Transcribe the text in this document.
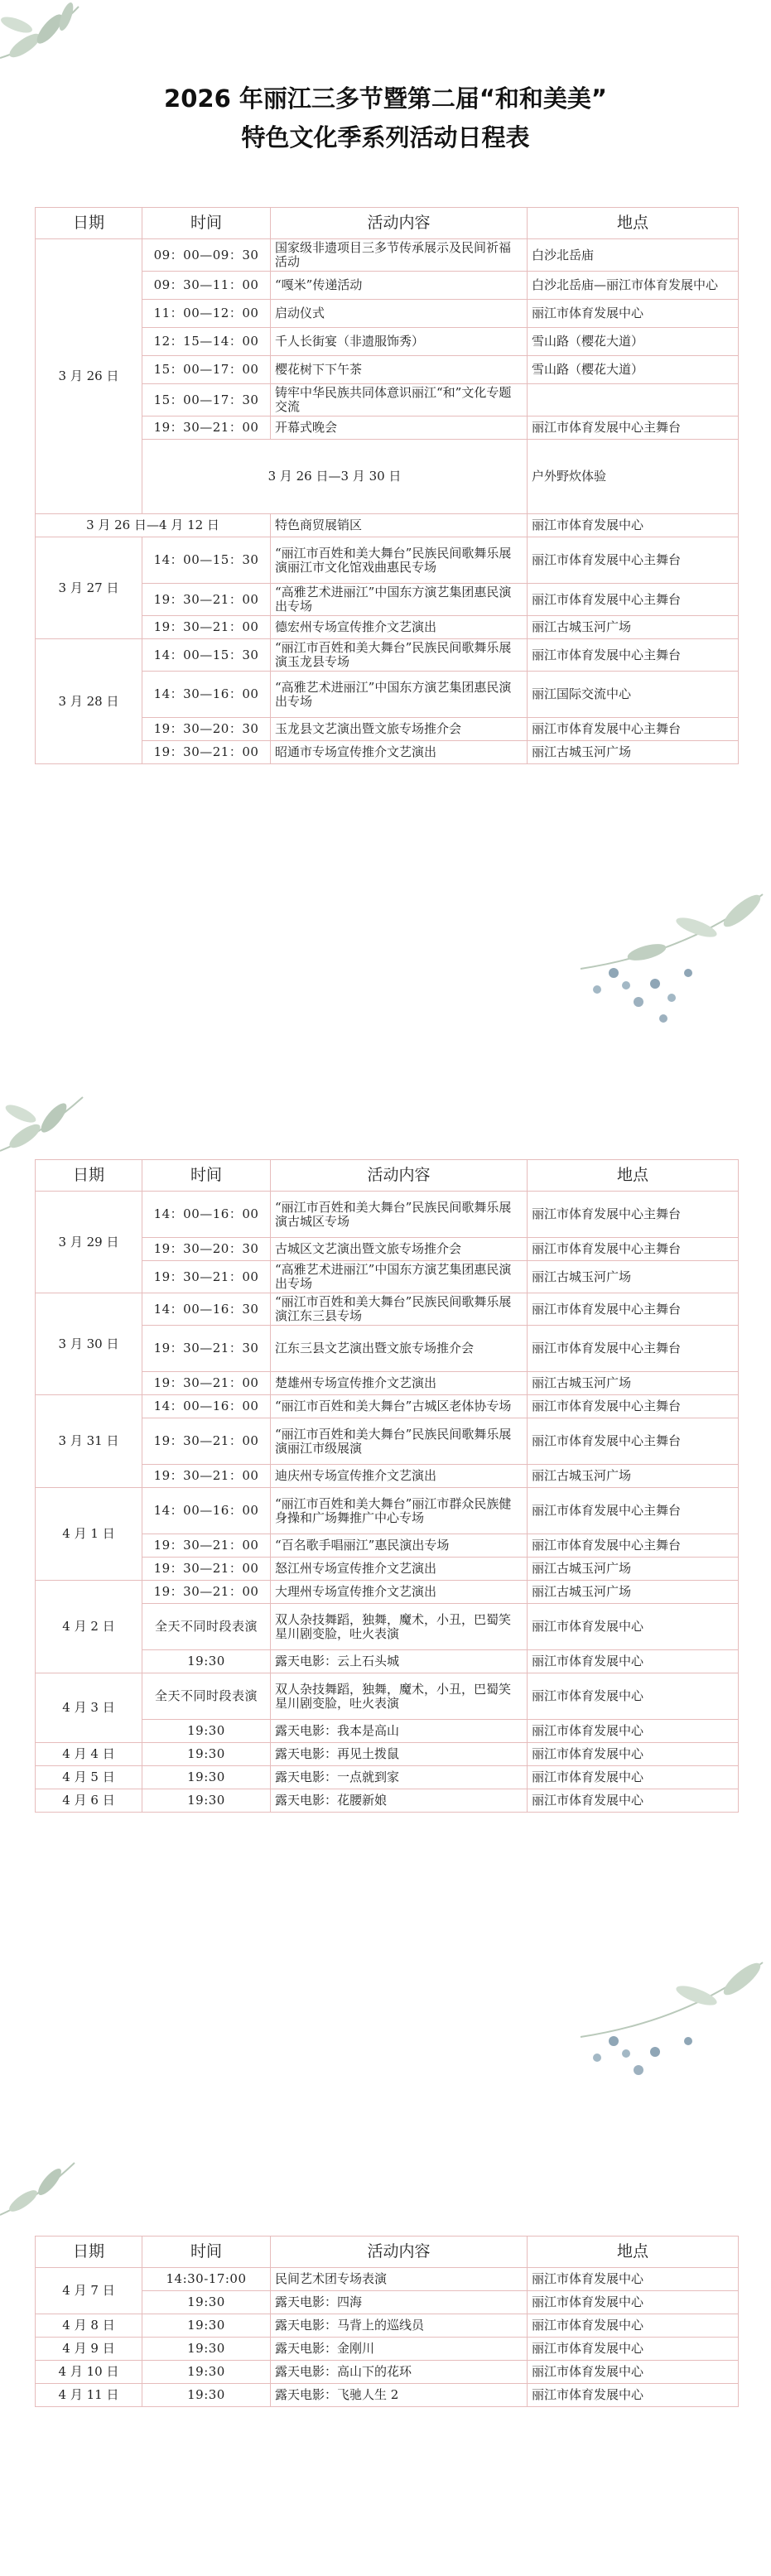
2026 年丽江三多节暨第二届“和和美美”
特色文化季系列活动日程表
日期	时间	活动内容	地点	
3 月 26 日	09：00—09：30	国家级非遗项目三多节传承展示及民间祈福活动	白沙北岳庙	
	09：30—11：00	“嘎米”传递活动	白沙北岳庙—丽江市体育发展中心	
	11：00—12：00	启动仪式	丽江市体育发展中心	
	12：15—14：00	千人长街宴（非遗服饰秀）	雪山路（樱花大道）	
	15：00—17：00	樱花树下下午茶	雪山路（樱花大道）	
	15：00—17：30	铸牢中华民族共同体意识丽江“和”文化专题交流		
	19：30—21：00	开幕式晚会	丽江市体育发展中心主舞台	
	3 月 26 日—3 月 30 日		户外野炊体验	
3 月 26 日—4 月 12 日		特色商贸展销区	丽江市体育发展中心	
3 月 27 日	14：00—15：30	“丽江市百姓和美大舞台”民族民间歌舞乐展演丽江市文化馆戏曲惠民专场	丽江市体育发展中心主舞台	
	19：30—21：00	“高雅艺术进丽江”中国东方演艺集团惠民演出专场	丽江市体育发展中心主舞台	
	19：30—21：00	德宏州专场宣传推介文艺演出	丽江古城玉河广场	
3 月 28 日	14：00—15：30	“丽江市百姓和美大舞台”民族民间歌舞乐展演玉龙县专场	丽江市体育发展中心主舞台	
	14：30—16：00	“高雅艺术进丽江”中国东方演艺集团惠民演出专场	丽江国际交流中心	
	19：30—20：30	玉龙县文艺演出暨文旅专场推介会	丽江市体育发展中心主舞台	
	19：30—21：00	昭通市专场宣传推介文艺演出	丽江古城玉河广场	
日期	时间	活动内容	地点
3 月 29 日	14：00—16：00	“丽江市百姓和美大舞台”民族民间歌舞乐展演古城区专场	丽江市体育发展中心主舞台
	19：30—20：30	古城区文艺演出暨文旅专场推介会	丽江市体育发展中心主舞台
	19：30—21：00	“高雅艺术进丽江”中国东方演艺集团惠民演出专场	丽江古城玉河广场
3 月 30 日	14：00—16：30	“丽江市百姓和美大舞台”民族民间歌舞乐展演江东三县专场	丽江市体育发展中心主舞台
	19：30—21：30	江东三县文艺演出暨文旅专场推介会	丽江市体育发展中心主舞台
	19：30—21：00	楚雄州专场宣传推介文艺演出	丽江古城玉河广场
3 月 31 日	14：00—16：00	“丽江市百姓和美大舞台”古城区老体协专场	丽江市体育发展中心主舞台
	19：30—21：00	“丽江市百姓和美大舞台”民族民间歌舞乐展演丽江市级展演	丽江市体育发展中心主舞台
	19：30—21：00	迪庆州专场宣传推介文艺演出	丽江古城玉河广场
4 月 1 日	14：00—16：00	“丽江市百姓和美大舞台”丽江市群众民族健身操和广场舞推广中心专场	丽江市体育发展中心主舞台
	19：30—21：00	“百名歌手唱丽江”惠民演出专场	丽江市体育发展中心主舞台
	19：30—21：00	怒江州专场宣传推介文艺演出	丽江古城玉河广场
4 月 2 日	19：30—21：00	大理州专场宣传推介文艺演出	丽江古城玉河广场
	全天不同时段表演	双人杂技舞蹈，独舞，魔术，小丑，巴蜀笑星川剧变脸，吐火表演	丽江市体育发展中心
	19:30	露天电影：云上石头城	丽江市体育发展中心
4 月 3 日	全天不同时段表演	双人杂技舞蹈，独舞，魔术，小丑，巴蜀笑星川剧变脸，吐火表演	丽江市体育发展中心
	19:30	露天电影：我本是高山	丽江市体育发展中心
4 月 4 日	19:30	露天电影：再见土拨鼠	丽江市体育发展中心
4 月 5 日	19:30	露天电影：一点就到家	丽江市体育发展中心
4 月 6 日	19:30	露天电影：花腰新娘	丽江市体育发展中心
日期	时间	活动内容	地点
4 月 7 日	14:30-17:00	民间艺术团专场表演	丽江市体育发展中心
	19:30	露天电影：四海	丽江市体育发展中心
4 月 8 日	19:30	露天电影：马背上的巡线员	丽江市体育发展中心
4 月 9 日	19:30	露天电影：金刚川	丽江市体育发展中心
4 月 10 日	19:30	露天电影：高山下的花环	丽江市体育发展中心
4 月 11 日	19:30	露天电影：飞驰人生 2	丽江市体育发展中心
